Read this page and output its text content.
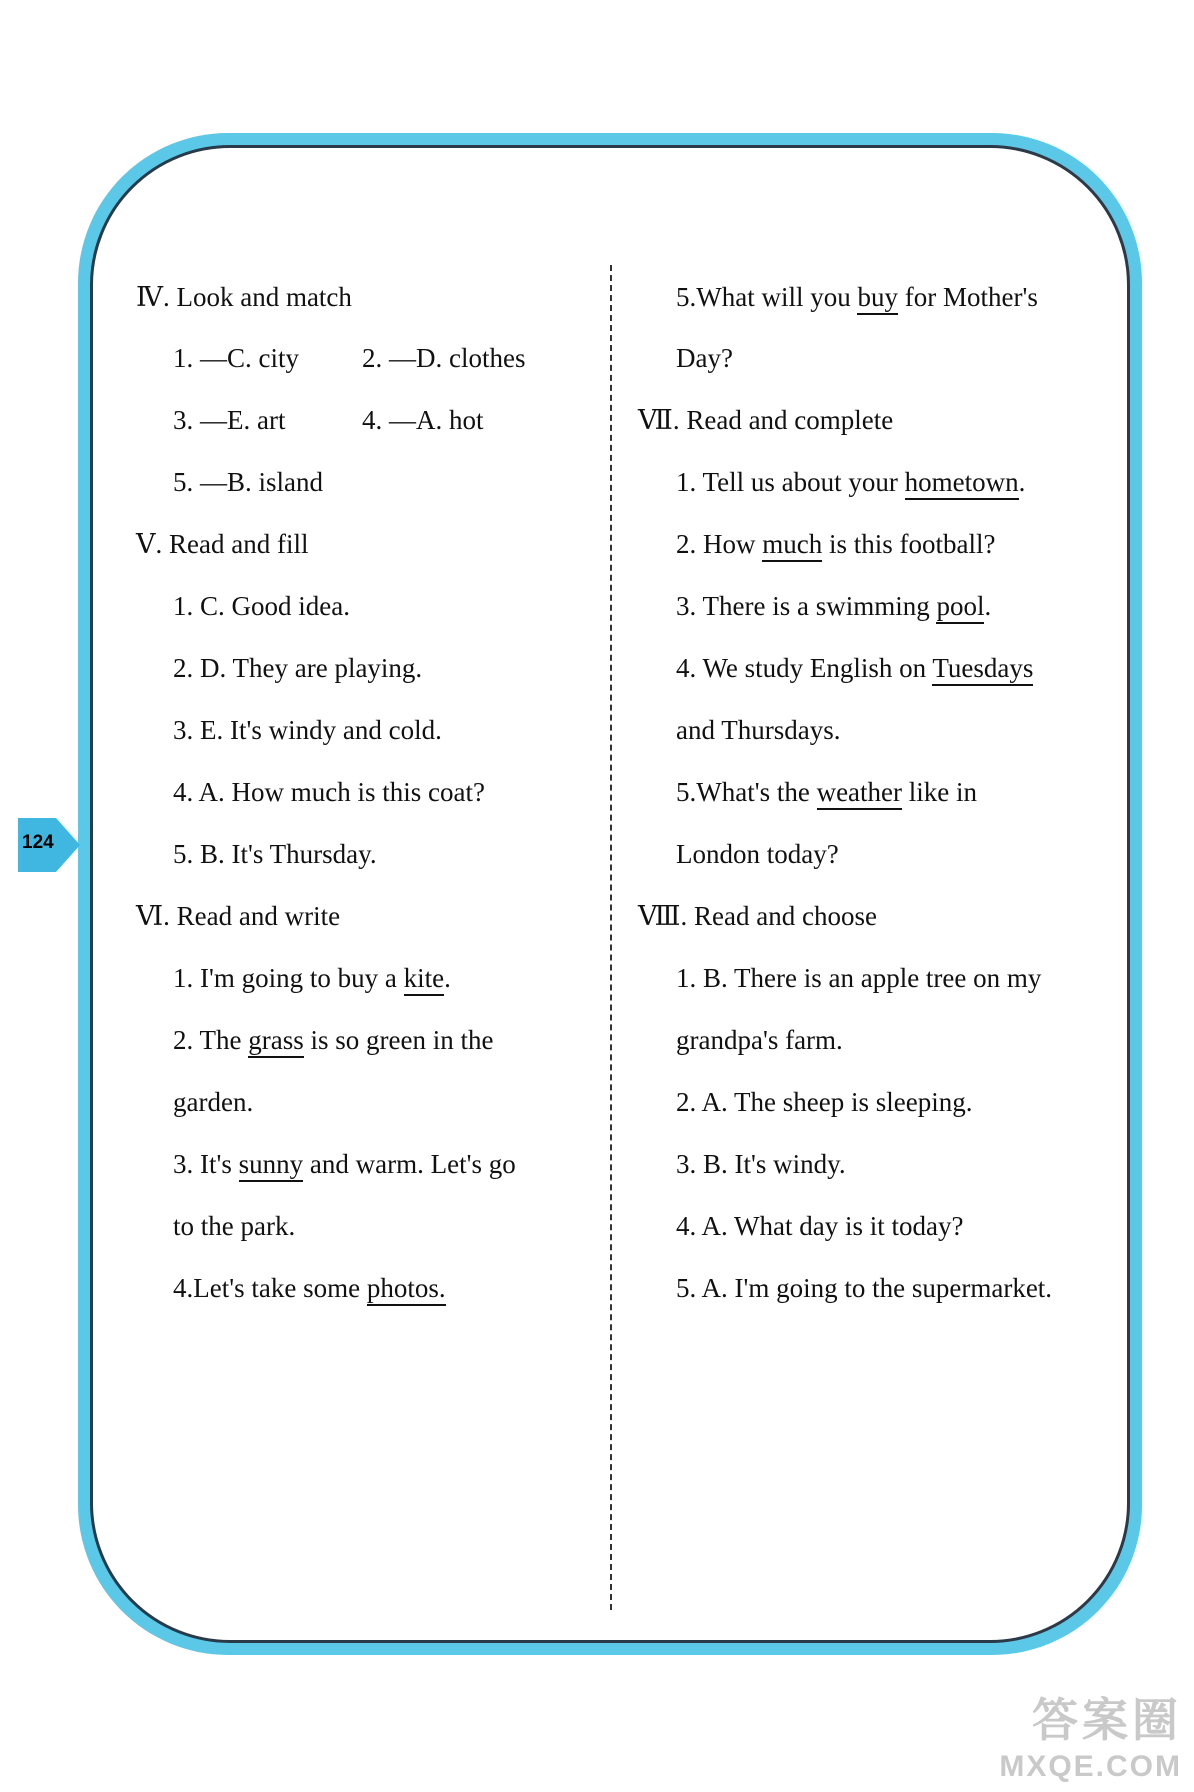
124
Ⅳ. Look and match
1. —C. city 2. —D. clothes
3. —E. art	4. —A. hot
5. —B. island
Ⅴ. Read and fill
1. C. Good idea.
2. D. They are playing.
3. E. It's windy and cold.
4. A. How much is this coat?
5. B. It's Thursday.
Ⅵ. Read and write
1. I'm going to buy a kite.
2. The grass is so green in the
garden.
3. It's sunny and warm. Let's go
to the park.
4.Let's take some photos.
5.What will you buy for Mother's
Day?
Ⅶ. Read and complete
1. Tell us about your hometown.
2. How much is this football?
3. There is a swimming pool.
4. We study English on Tuesdays
and Thursdays.
5.What's the weather like in
London today?
Ⅷ. Read and choose
1. B. There is an apple tree on my
grandpa's farm.
2. A. The sheep is sleeping.
3. B. It's windy.
4. A. What day is it today?
5. A. I'm going to the supermarket.
答案圈
MXQE.COM
